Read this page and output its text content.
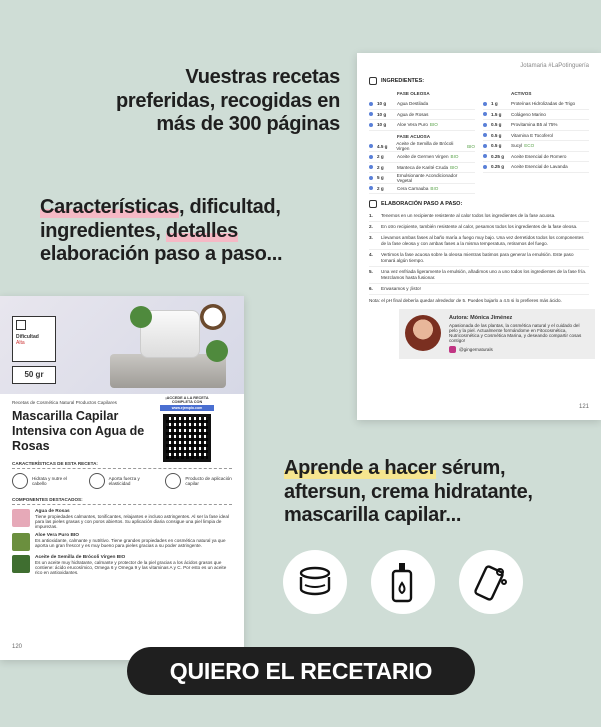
Vuestras recetas preferidas, recogidas en más de 300 páginas
Características, dificultad, ingredientes, detalles elaboración paso a paso...
Aprende a hacer sérum, aftersun, crema hidratante, mascarilla capilar...
Jotamaria #LaPotinguería
INGREDIENTES:
FASE OLEOSA
10 g	Agua Destilada
10 g	Agua de Rosas
10 g	Aloe Vera Puro BIO
FASE ACUOSA
4.5 g	Aceite de Semilla de Brócoli Virgen	BIO
2 g	Aceite de Germen Virgen BIO
2 g	Manteca de Karité Cruda BIO
5 g	Emulsionante Acondicionador Vegetal
2 g	Cera Carnauba BIO
ACTIVOS
1 g	Proteínas Hidrolizadas de Trigo
1.5 g	Colágeno Marino
0.5 g	Provitamina B5 al 75%
0.5 g	Vitamina E Tocoferol
0.5 g	Sucyl ECO
0.25 g	Aceite Esencial de Romero
0.25 g	Aceite Esencial de Lavanda
ELABORACIÓN PASO A PASO:
1.	Tenemos en un recipiente resistente al calor todos los ingredientes de la fase acuosa.
2.	En otro recipiente, también resistente al calor, pesamos todos los ingredientes de la fase oleosa.
3.	Llevamos ambas fases al baño maría a fuego muy bajo. Una vez derretidos todos los componentes de la fase oleosa y con ambas fases a la misma temperatura, retiramos del fuego.
4.	Vertimos la fase acuosa sobre la oleosa mientras batimos para generar la emulsión. Este paso tomará algún tiempo.
5.	Una vez enfriada ligeramente la emulsión, añadimos uno a uno todos los ingredientes de la fase fría. Mezclamos hasta fusionar.
6.	Envasamos y ¡listo!
Nota: el pH final debería quedar alrededor de 5. Puedes bajarlo a 4.5 si lo prefieres más ácido.
Autora: Mónica Jiménez
Apasionada de las plantas, la cosmética natural y el cuidado del pelo y la piel. Actualmente formándome en Fitocosmética, Nutricosmética y Cosmética Marina, y deseando compartir cosas contigo!
@gingernaturals
121
Dificultad
Alta
50 gr
Recetas de Cosmética Natural Productos Capilares
Mascarilla Capilar Intensiva con Agua de Rosas
CARACTERÍSTICAS DE ESTA RECETA:
Hidrata y nutre el cabello
Aporta fuerza y elasticidad
Producto de aplicación capilar
COMPONENTES DESTACADOS:
Agua de Rosas
Tiene propiedades calmantes, tonificantes, relajantes e incluso astringentes. Al ser la fase ideal para las pieles grasas y con poros abiertos. Su aplicación diaria consigue una piel limpia de impurezas.
Aloe Vera Puro BIO
Es antioxidante, calmante y nutritivo. Tiene grandes propiedades en cosmética natural ya que aporta un gran frescor y es muy bueno para pieles gracias a su poder astringente.
Aceite de Semilla de Brócoli Virgen BIO
Es un aceite muy hidratante, calmante y protector de la piel gracias a los ácidos grasos que contiene: ácido erucosímico, Omega 6 y Omega 9 y las vitaminas A y C. Por esto es un aceite rico en antioxidantes.
¡ACCEDE A LA RECETA COMPLETA CON
www.ejemplo.com
120
QUIERO EL RECETARIO
